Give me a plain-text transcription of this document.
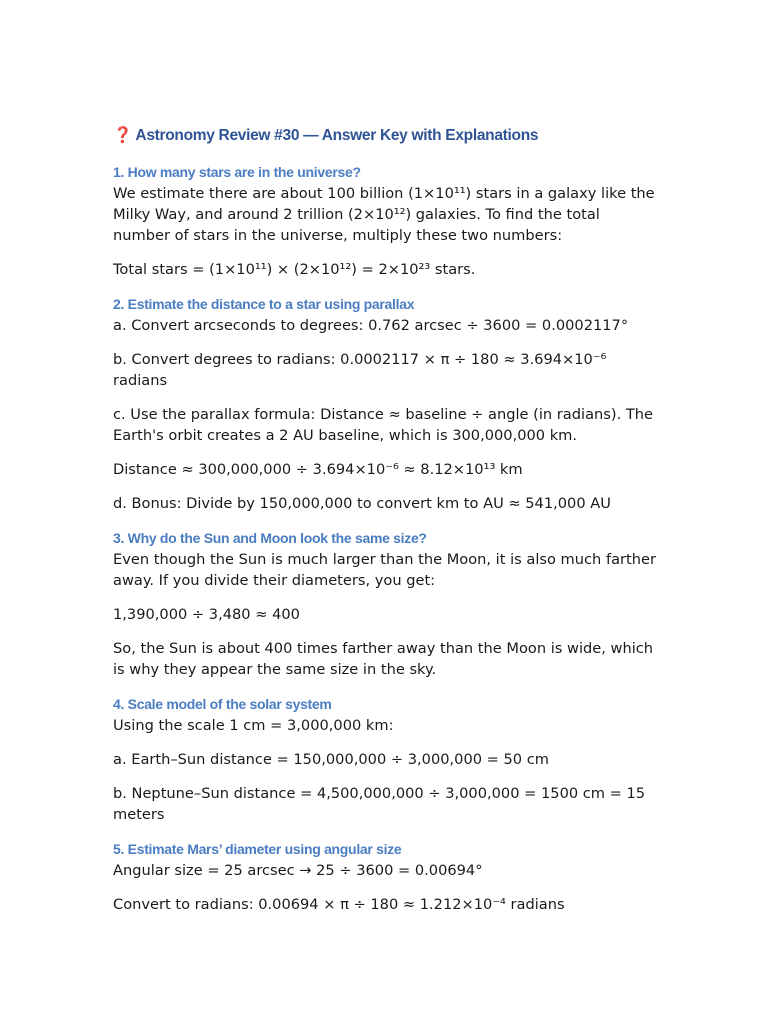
❓ Astronomy Review #30 — Answer Key with Explanations
1. How many stars are in the universe?

We estimate there are about 100 billion (1×10¹¹) stars in a galaxy like the Milky Way, and around 2 trillion (2×10¹²) galaxies. To find the total number of stars in the universe, multiply these two numbers:

Total stars = (1×10¹¹) × (2×10¹²) = 2×10²³ stars.

2. Estimate the distance to a star using parallax

a. Convert arcseconds to degrees: 0.762 arcsec ÷ 3600 = 0.0002117°

b. Convert degrees to radians: 0.0002117 × π ÷ 180 ≈ 3.694×10⁻⁶ radians

c. Use the parallax formula: Distance ≈ baseline ÷ angle (in radians). The Earth's orbit creates a 2 AU baseline, which is 300,000,000 km.

Distance ≈ 300,000,000 ÷ 3.694×10⁻⁶ ≈ 8.12×10¹³ km

d. Bonus: Divide by 150,000,000 to convert km to AU ≈ 541,000 AU

3. Why do the Sun and Moon look the same size?

Even though the Sun is much larger than the Moon, it is also much farther away. If you divide their diameters, you get:

1,390,000 ÷ 3,480 ≈ 400

So, the Sun is about 400 times farther away than the Moon is wide, which is why they appear the same size in the sky.

4. Scale model of the solar system

Using the scale 1 cm = 3,000,000 km:

a. Earth–Sun distance = 150,000,000 ÷ 3,000,000 = 50 cm

b. Neptune–Sun distance = 4,500,000,000 ÷ 3,000,000 = 1500 cm = 15 meters

5. Estimate Mars’ diameter using angular size

Angular size = 25 arcsec → 25 ÷ 3600 = 0.00694°

Convert to radians: 0.00694 × π ÷ 180 ≈ 1.212×10⁻⁴ radians
